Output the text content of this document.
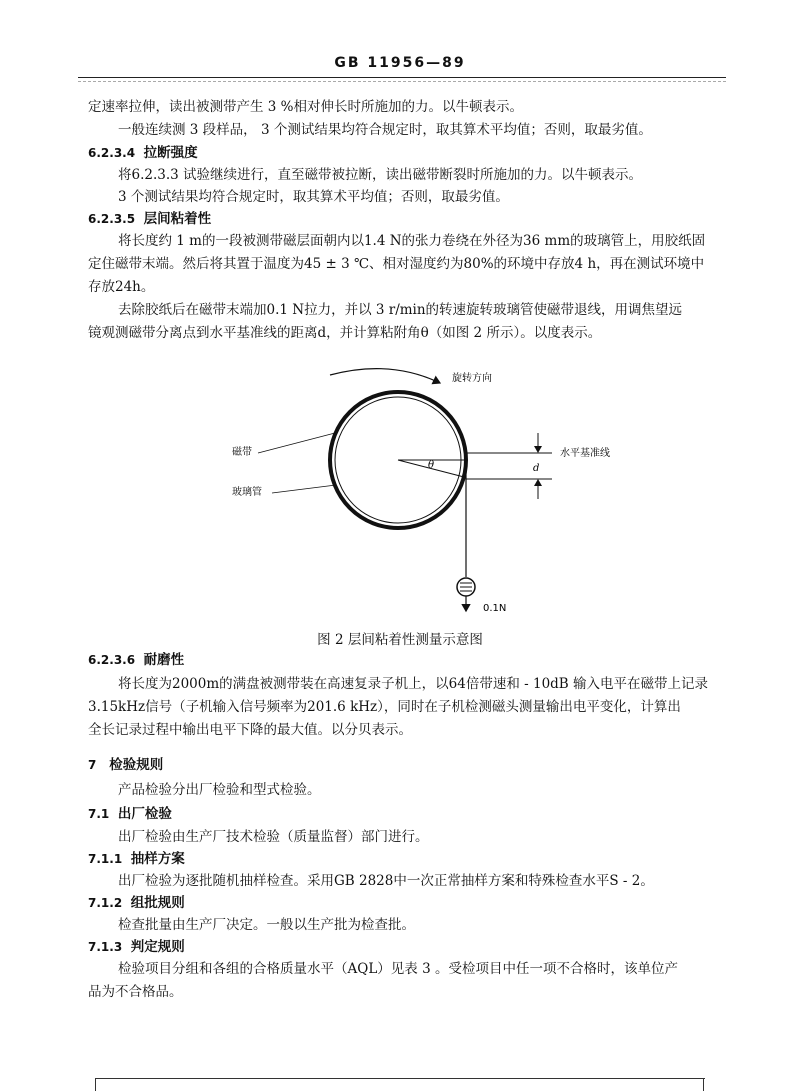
GB 11956—89
定速率拉伸，读出被测带产生 3 %相对伸长时所施加的力。以牛顿表示。
一般连续测 3 段样品， 3 个测试结果均符合规定时，取其算术平均值；否则，取最劣值。
6.2.3.4 拉断强度
将6.2.3.3 试验继续进行，直至磁带被拉断，读出磁带断裂时所施加的力。以牛顿表示。
3 个测试结果均符合规定时，取其算术平均值；否则，取最劣值。
6.2.3.5 层间粘着性
将长度约 1 m的一段被测带磁层面朝内以1.4 N的张力卷绕在外径为36 mm的玻璃管上，用胶纸固
定住磁带末端。然后将其置于温度为45 ± 3 ℃、相对湿度约为80%的环境中存放4 h，再在测试环境中
存放24h。
去除胶纸后在磁带末端加0.1 N拉力，并以 3 r/min的转速旋转玻璃管使磁带退线，用调焦望远
镜观测磁带分离点到水平基准线的距离d，并计算粘附角θ（如图 2 所示）。以度表示。
旋转方向
θ
水平基准线
d
0.1N
磁带
玻璃管
图 2 层间粘着性测量示意图
6.2.3.6 耐磨性
将长度为2000m的满盘被测带装在高速复录子机上，以64倍带速和 - 10dB 输入电平在磁带上记录
3.15kHz信号（子机输入信号频率为201.6 kHz），同时在子机检测磁头测量输出电平变化，计算出
全长记录过程中输出电平下降的最大值。以分贝表示。
7 检验规则
产品检验分出厂检验和型式检验。
7.1 出厂检验
出厂检验由生产厂技术检验（质量监督）部门进行。
7.1.1 抽样方案
出厂检验为逐批随机抽样检查。采用GB 2828中一次正常抽样方案和特殊检查水平S - 2。
7.1.2 组批规则
检查批量由生产厂决定。一般以生产批为检查批。
7.1.3 判定规则
检验项目分组和各组的合格质量水平（AQL）见表 3 。受检项目中任一项不合格时，该单位产
品为不合格品。
